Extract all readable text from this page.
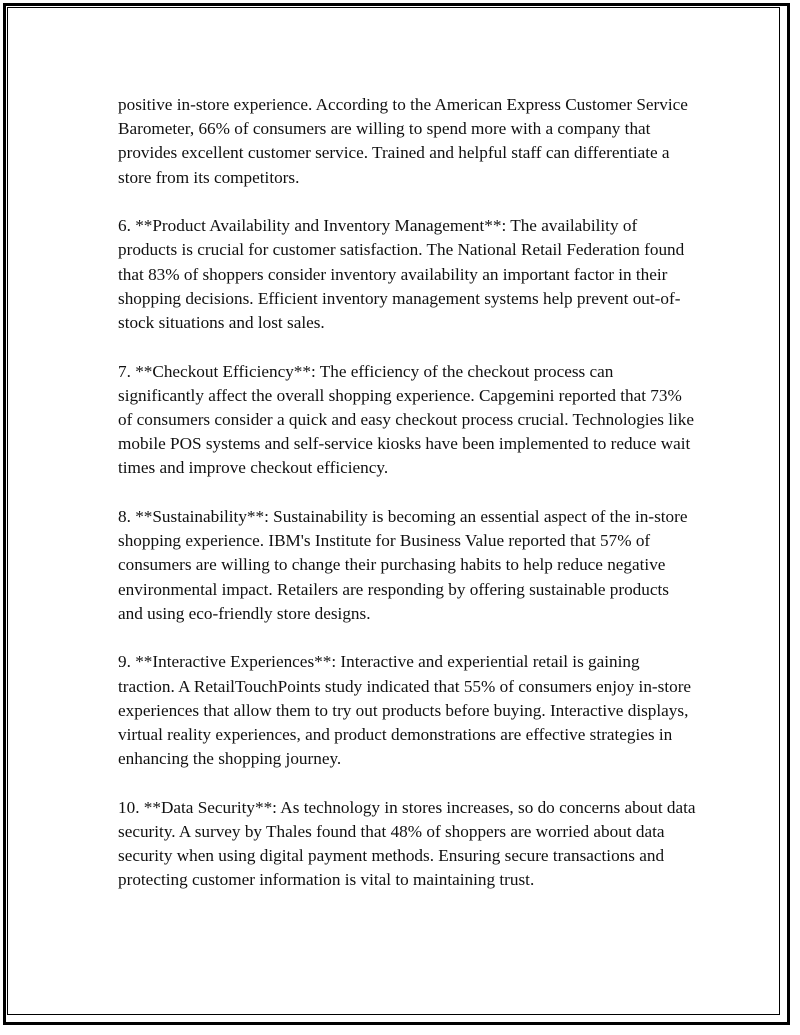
positive in-store experience. According to the American Express Customer Service Barometer, 66% of consumers are willing to spend more with a company that provides excellent customer service. Trained and helpful staff can differentiate a store from its competitors.

6. **Product Availability and Inventory Management**: The availability of products is crucial for customer satisfaction. The National Retail Federation found that 83% of shoppers consider inventory availability an important factor in their shopping decisions. Efficient inventory management systems help prevent out-of-stock situations and lost sales.

7. **Checkout Efficiency**: The efficiency of the checkout process can significantly affect the overall shopping experience. Capgemini reported that 73% of consumers consider a quick and easy checkout process crucial. Technologies like mobile POS systems and self-service kiosks have been implemented to reduce wait times and improve checkout efficiency.

8. **Sustainability**: Sustainability is becoming an essential aspect of the in-store shopping experience. IBM's Institute for Business Value reported that 57% of consumers are willing to change their purchasing habits to help reduce negative environmental impact. Retailers are responding by offering sustainable products and using eco-friendly store designs.

9. **Interactive Experiences**: Interactive and experiential retail is gaining traction. A RetailTouchPoints study indicated that 55% of consumers enjoy in-store experiences that allow them to try out products before buying. Interactive displays, virtual reality experiences, and product demonstrations are effective strategies in enhancing the shopping journey.

10. **Data Security**: As technology in stores increases, so do concerns about data security. A survey by Thales found that 48% of shoppers are worried about data security when using digital payment methods. Ensuring secure transactions and protecting customer information is vital to maintaining trust.
